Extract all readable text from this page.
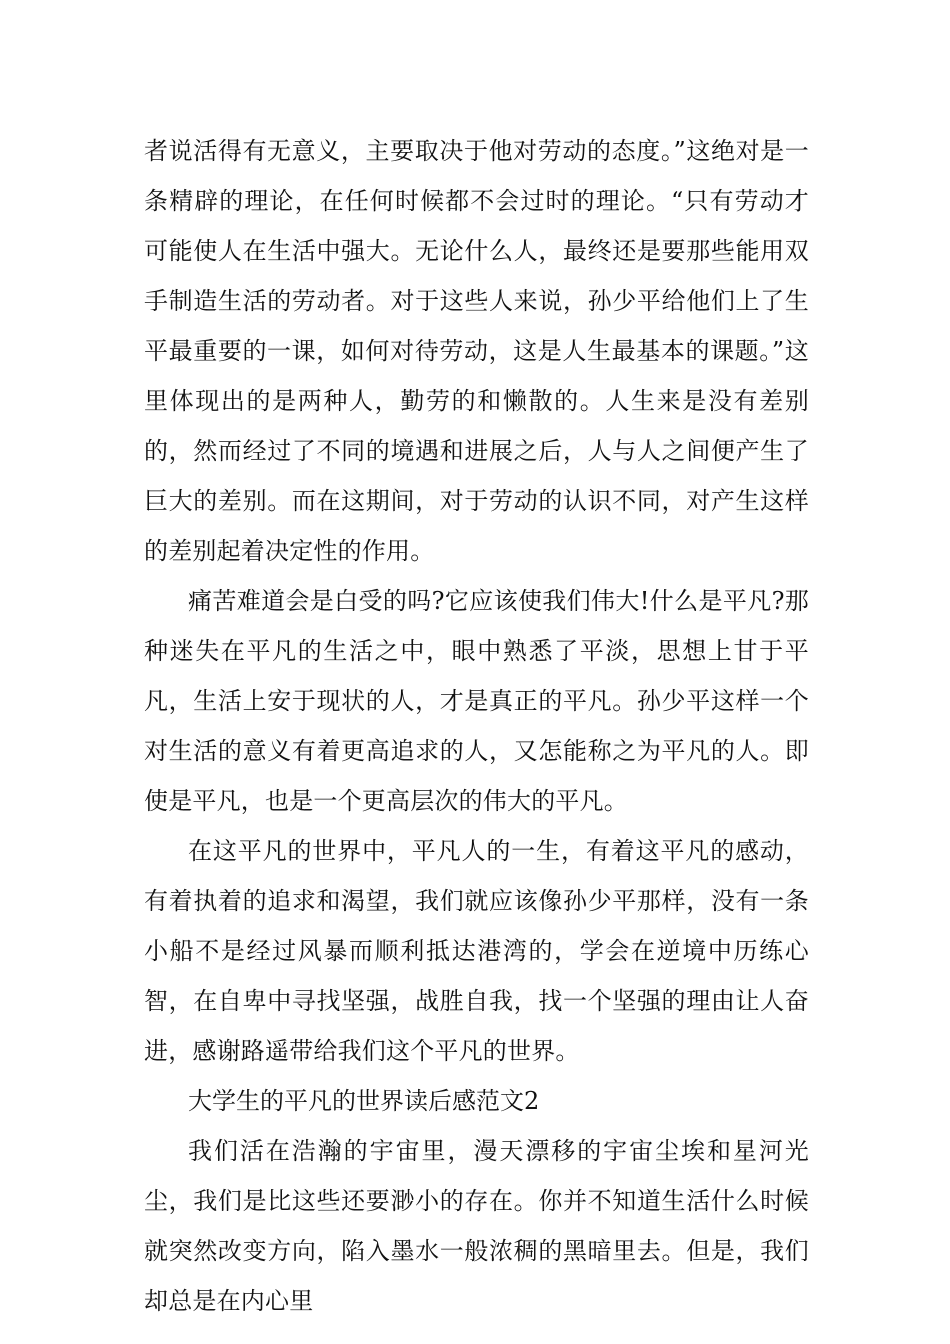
者说活得有无意义，主要取决于他对劳动的态度。”这绝对是一条精辟的理论，在任何时候都不会过时的理论。“只有劳动才可能使人在生活中强大。无论什么人，最终还是要那些能用双手制造生活的劳动者。对于这些人来说，孙少平给他们上了生平最重要的一课，如何对待劳动，这是人生最基本的课题。”这里体现出的是两种人，勤劳的和懒散的。人生来是没有差别的，然而经过了不同的境遇和进展之后，人与人之间便产生了巨大的差别。而在这期间，对于劳动的认识不同，对产生这样的差别起着决定性的作用。

痛苦难道会是白受的吗?它应该使我们伟大!什么是平凡?那种迷失在平凡的生活之中，眼中熟悉了平淡，思想上甘于平凡，生活上安于现状的人，才是真正的平凡。孙少平这样一个对生活的意义有着更高追求的人，又怎能称之为平凡的人。即使是平凡，也是一个更高层次的伟大的平凡。

在这平凡的世界中，平凡人的一生，有着这平凡的感动，有着执着的追求和渴望，我们就应该像孙少平那样，没有一条小船不是经过风暴而顺利抵达港湾的，学会在逆境中历练心智，在自卑中寻找坚强，战胜自我，找一个坚强的理由让人奋进，感谢路遥带给我们这个平凡的世界。

大学生的平凡的世界读后感范文2

我们活在浩瀚的宇宙里，漫天漂移的宇宙尘埃和星河光尘，我们是比这些还要渺小的存在。你并不知道生活什么时候就突然改变方向，陷入墨水一般浓稠的黑暗里去。但是，我们却总是在内心里
